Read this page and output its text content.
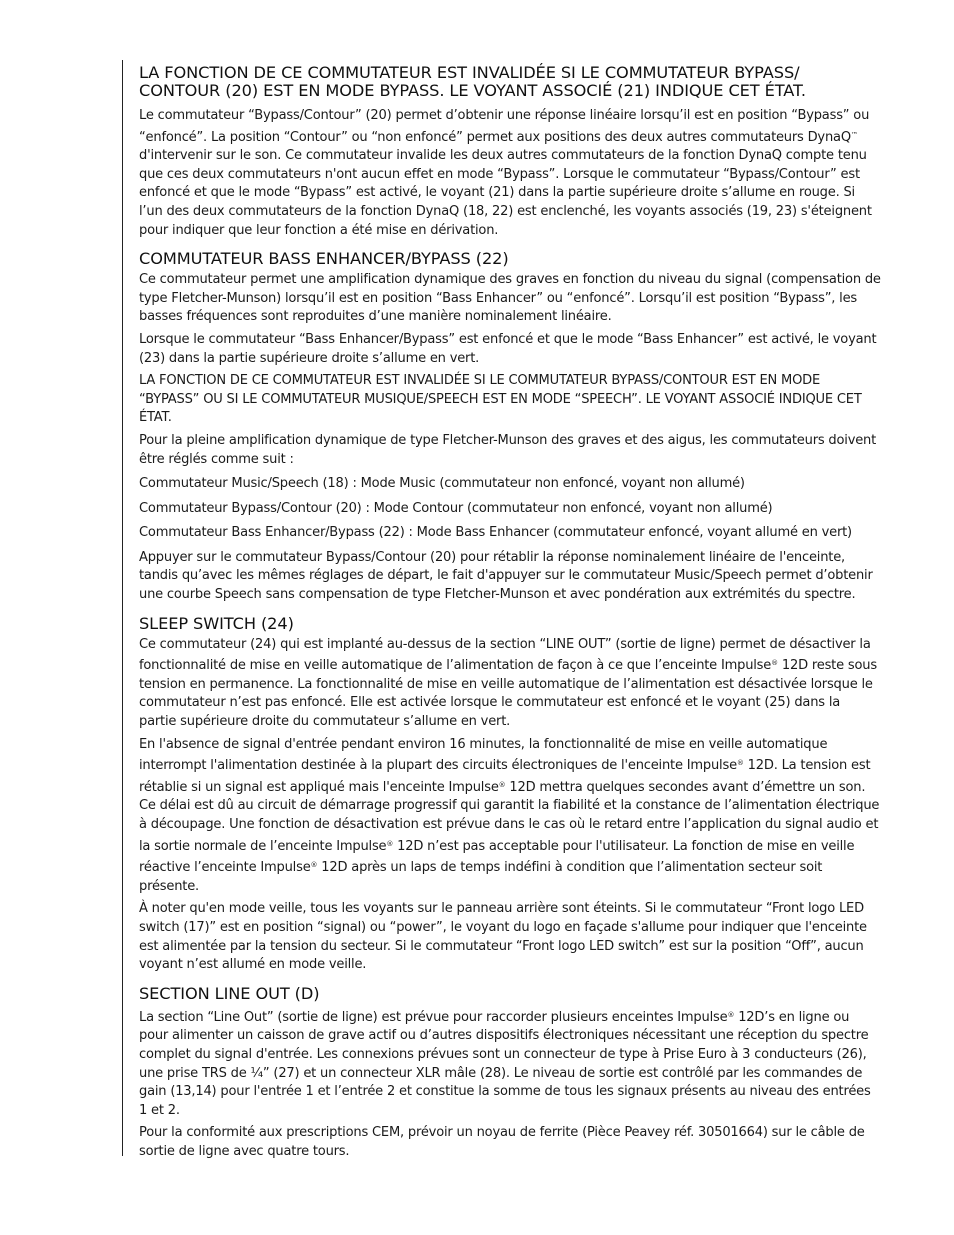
LA FONCTION DE CE COMMUTATEUR EST INVALIDÉE SI LE COMMUTATEUR BYPASS/ CONTOUR (20) EST EN MODE BYPASS. LE VOYANT ASSOCIÉ (21) INDIQUE CET ÉTAT.

Le commutateur “Bypass/Contour” (20) permet d’obtenir une réponse linéaire lorsqu’il est en position “Bypass” ou “enfoncé”. La position “Contour” ou “non enfoncé” permet aux positions des deux autres commutateurs DynaQ™ d'intervenir sur le son. Ce commutateur invalide les deux autres commutateurs de la fonction DynaQ compte tenu que ces deux commutateurs n'ont aucun effet en mode “Bypass”. Lorsque le commutateur “Bypass/Contour” est enfoncé et que le mode “Bypass” est activé, le voyant (21) dans la partie supérieure droite s’allume en rouge. Si l’un des deux commutateurs de la fonction DynaQ (18, 22) est enclenché, les voyants associés (19, 23) s'éteignent pour indiquer que leur fonction a été mise en dérivation.

COMMUTATEUR BASS ENHANCER/BYPASS (22)

Ce commutateur permet une amplification dynamique des graves en fonction du niveau du signal (compensation de type Fletcher-Munson) lorsqu’il est en position “Bass Enhancer” ou “enfoncé”. Lorsqu’il est position “Bypass”, les basses fréquences sont reproduites d’une manière nominalement linéaire.

Lorsque le commutateur “Bass Enhancer/Bypass” est enfoncé et que le mode “Bass Enhancer” est activé, le voyant (23) dans la partie supérieure droite s’allume en vert.

LA FONCTION DE CE COMMUTATEUR EST INVALIDÉE SI LE COMMUTATEUR BYPASS/CONTOUR EST EN MODE “BYPASS” OU SI LE COMMUTATEUR MUSIQUE/SPEECH EST EN MODE “SPEECH”. LE VOYANT ASSOCIÉ INDIQUE CET ÉTAT.

Pour la pleine amplification dynamique de type Fletcher-Munson des graves et des aigus, les commutateurs doivent être réglés comme suit :

Commutateur Music/Speech (18) : Mode Music (commutateur non enfoncé, voyant non allumé)

Commutateur Bypass/Contour (20) : Mode Contour (commutateur non enfoncé, voyant non allumé)

Commutateur Bass Enhancer/Bypass (22) : Mode Bass Enhancer (commutateur enfoncé, voyant allumé en vert)

Appuyer sur le commutateur Bypass/Contour (20) pour rétablir la réponse nominalement linéaire de l'enceinte, tandis qu’avec les mêmes réglages de départ, le fait d'appuyer sur le commutateur Music/Speech permet d’obtenir une courbe Speech sans compensation de type Fletcher-Munson et avec pondération aux extrémités du spectre.

SLEEP SWITCH (24)

Ce commutateur (24) qui est implanté au-dessus de la section “LINE OUT” (sortie de ligne) permet de désactiver la fonctionnalité de mise en veille automatique de l’alimentation de façon à ce que l’enceinte Impulse® 12D reste sous tension en permanence. La fonctionnalité de mise en veille automatique de l’alimentation est désactivée lorsque le commutateur n’est pas enfoncé. Elle est activée lorsque le commutateur est enfoncé et le voyant (25) dans la partie supérieure droite du commutateur s’allume en vert.

En l'absence de signal d'entrée pendant environ 16 minutes, la fonctionnalité de mise en veille automatique interrompt l'alimentation destinée à la plupart des circuits électroniques de l'enceinte Impulse® 12D. La tension est rétablie si un signal est appliqué mais l'enceinte Impulse® 12D mettra quelques secondes avant d’émettre un son. Ce délai est dû au circuit de démarrage progressif qui garantit la fiabilité et la constance de l’alimentation électrique à découpage. Une fonction de désactivation est prévue dans le cas où le retard entre l’application du signal audio et la sortie normale de l’enceinte Impulse® 12D n’est pas acceptable pour l'utilisateur. La fonction de mise en veille réactive l’enceinte Impulse® 12D après un laps de temps indéfini à condition que l’alimentation secteur soit présente.

À noter qu'en mode veille, tous les voyants sur le panneau arrière sont éteints. Si le commutateur “Front logo LED switch (17)” est en position “signal) ou “power”, le voyant du logo en façade s'allume pour indiquer que l'enceinte est alimentée par la tension du secteur. Si le commutateur “Front logo LED switch” est sur la position “Off”, aucun voyant n’est allumé en mode veille.

SECTION LINE OUT (D)

La section “Line Out” (sortie de ligne) est prévue pour raccorder plusieurs enceintes Impulse® 12D’s en ligne ou pour alimenter un caisson de grave actif ou d’autres dispositifs électroniques nécessitant une réception du spectre complet du signal d'entrée. Les connexions prévues sont un connecteur de type à Prise Euro à 3 conducteurs (26), une prise TRS de ¼” (27) et un connecteur XLR mâle (28). Le niveau de sortie est contrôlé par les commandes de gain (13,14) pour l'entrée 1 et l’entrée 2 et constitue la somme de tous les signaux présents au niveau des entrées 1 et 2.

Pour la conformité aux prescriptions CEM, prévoir un noyau de ferrite (Pièce Peavey réf. 30501664) sur le câble de sortie de ligne avec quatre tours.
